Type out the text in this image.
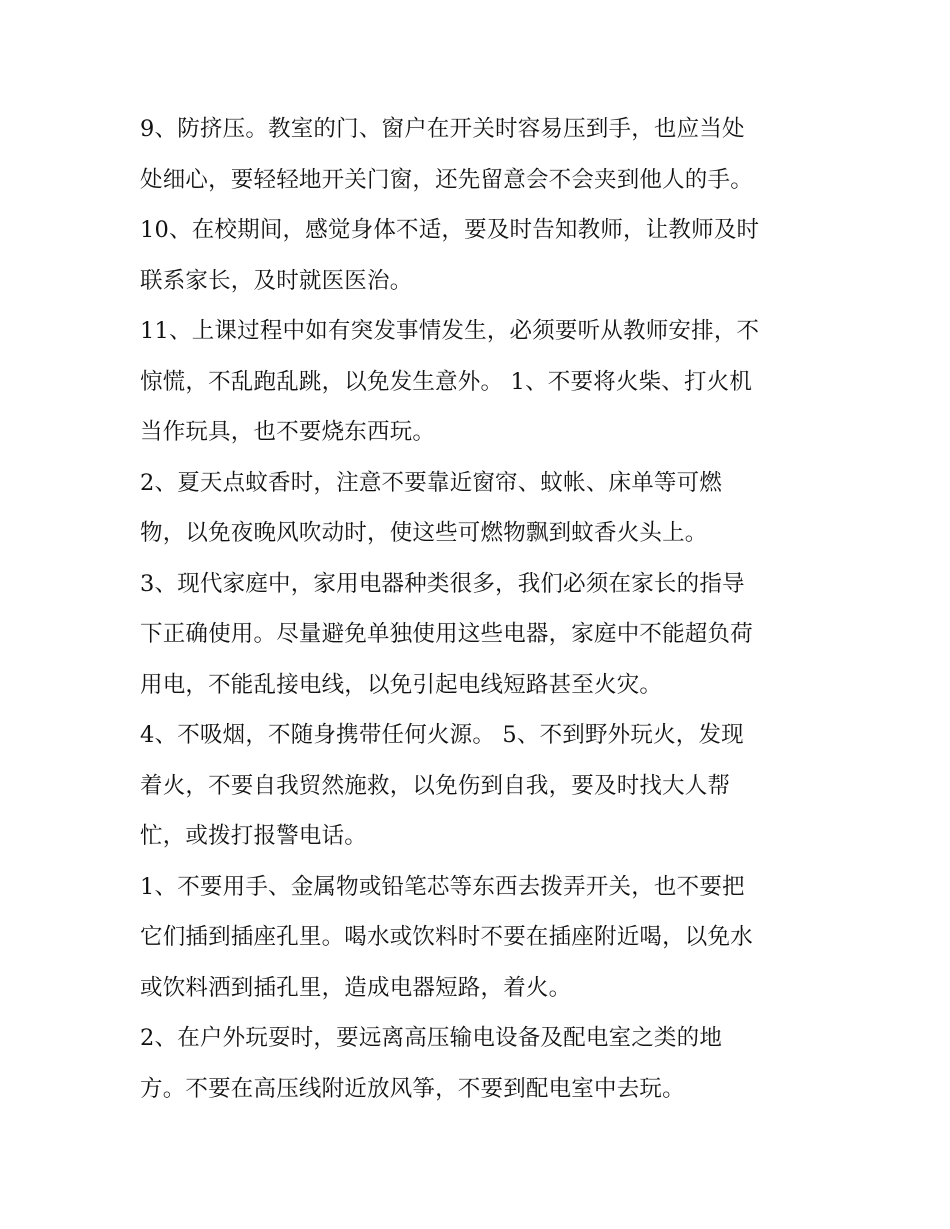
9、防挤压。教室的门、窗户在开关时容易压到手，也应当处
处细心，要轻轻地开关门窗，还先留意会不会夹到他人的手。
10、在校期间，感觉身体不适，要及时告知教师，让教师及时
联系家长，及时就医医治。
11、上课过程中如有突发事情发生，必须要听从教师安排，不
惊慌，不乱跑乱跳，以免发生意外。 1、不要将火柴、打火机
当作玩具，也不要烧东西玩。
2、夏天点蚊香时，注意不要靠近窗帘、蚊帐、床单等可燃
物，以免夜晚风吹动时，使这些可燃物飘到蚊香火头上。
3、现代家庭中，家用电器种类很多，我们必须在家长的指导
下正确使用。尽量避免单独使用这些电器，家庭中不能超负荷
用电，不能乱接电线，以免引起电线短路甚至火灾。
4、不吸烟，不随身携带任何火源。 5、不到野外玩火，发现
着火，不要自我贸然施救，以免伤到自我，要及时找大人帮
忙，或拨打报警电话。
1、不要用手、金属物或铅笔芯等东西去拨弄开关，也不要把
它们插到插座孔里。喝水或饮料时不要在插座附近喝，以免水
或饮料洒到插孔里，造成电器短路，着火。
2、在户外玩耍时，要远离高压输电设备及配电室之类的地
方。不要在高压线附近放风筝，不要到配电室中去玩。
